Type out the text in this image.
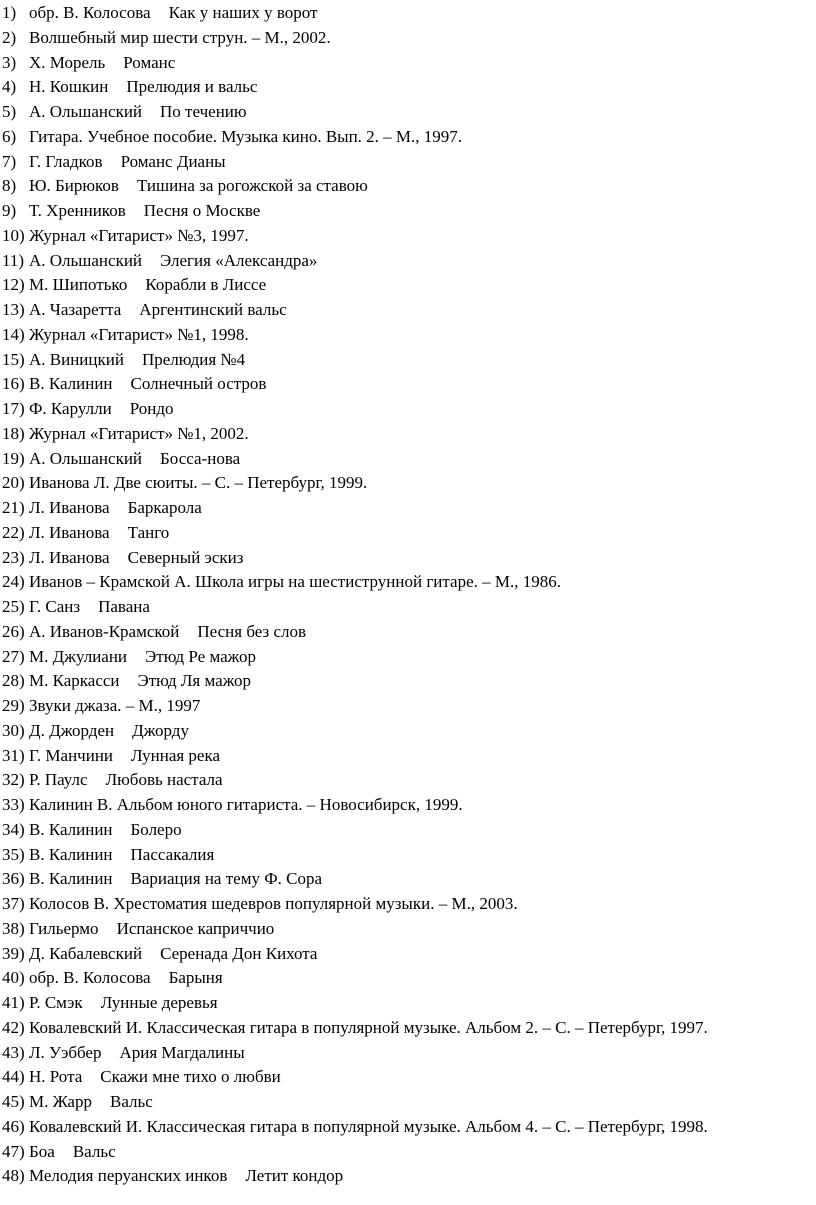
1) обр. В. Колосова Как у наших у ворот
2) Волшебный мир шести струн. – М., 2002.
3) Х. Морель Романс
4) Н. Кошкин Прелюдия и вальс
5) А. Ольшанский По течению
6) Гитара. Учебное пособие. Музыка кино. Вып. 2. – М., 1997.
7) Г. Гладков Романс Дианы
8) Ю. Бирюков Тишина за рогожской за ставою
9) Т. Хренников Песня о Москве
10) Журнал «Гитарист» №3, 1997.
11) А. Ольшанский Элегия «Александра»
12) М. Шипотько Корабли в Лиссе
13) А. Чазаретта Аргентинский вальс
14) Журнал «Гитарист» №1, 1998.
15) А. Виницкий Прелюдия №4
16) В. Калинин Солнечный остров
17) Ф. Карулли Рондо
18) Журнал «Гитарист» №1, 2002.
19) А. Ольшанский Босса-нова
20) Иванова Л. Две сюиты. – С. – Петербург, 1999.
21) Л. Иванова Баркарола
22) Л. Иванова Танго
23) Л. Иванова Северный эскиз
24) Иванов – Крамской А. Школа игры на шестиструнной гитаре. – М., 1986.
25) Г. Санз Павана
26) А. Иванов-Крамской Песня без слов
27) М. Джулиани Этюд Ре мажор
28) М. Каркасси Этюд Ля мажор
29) Звуки джаза. – М., 1997
30) Д. Джорден Джорду
31) Г. Манчини Лунная река
32) Р. Паулс Любовь настала
33) Калинин В. Альбом юного гитариста. – Новосибирск, 1999.
34) В. Калинин Болеро
35) В. Калинин Пассакалия
36) В. Калинин Вариация на тему Ф. Сора
37) Колосов В. Хрестоматия шедевров популярной музыки. – М., 2003.
38) Гильермо Испанское каприччио
39) Д. Кабалевский Серенада Дон Кихота
40) обр. В. Колосова Барыня
41) Р. Смэк Лунные деревья
42) Ковалевский И. Классическая гитара в популярной музыке. Альбом 2. – С. – Петербург, 1997.
43) Л. Уэббер Ария Магдалины
44) Н. Рота Скажи мне тихо о любви
45) М. Жарр Вальс
46) Ковалевский И. Классическая гитара в популярной музыке. Альбом 4. – С. – Петербург, 1998.
47) Боа Вальс
48) Мелодия перуанских инков Летит кондор
